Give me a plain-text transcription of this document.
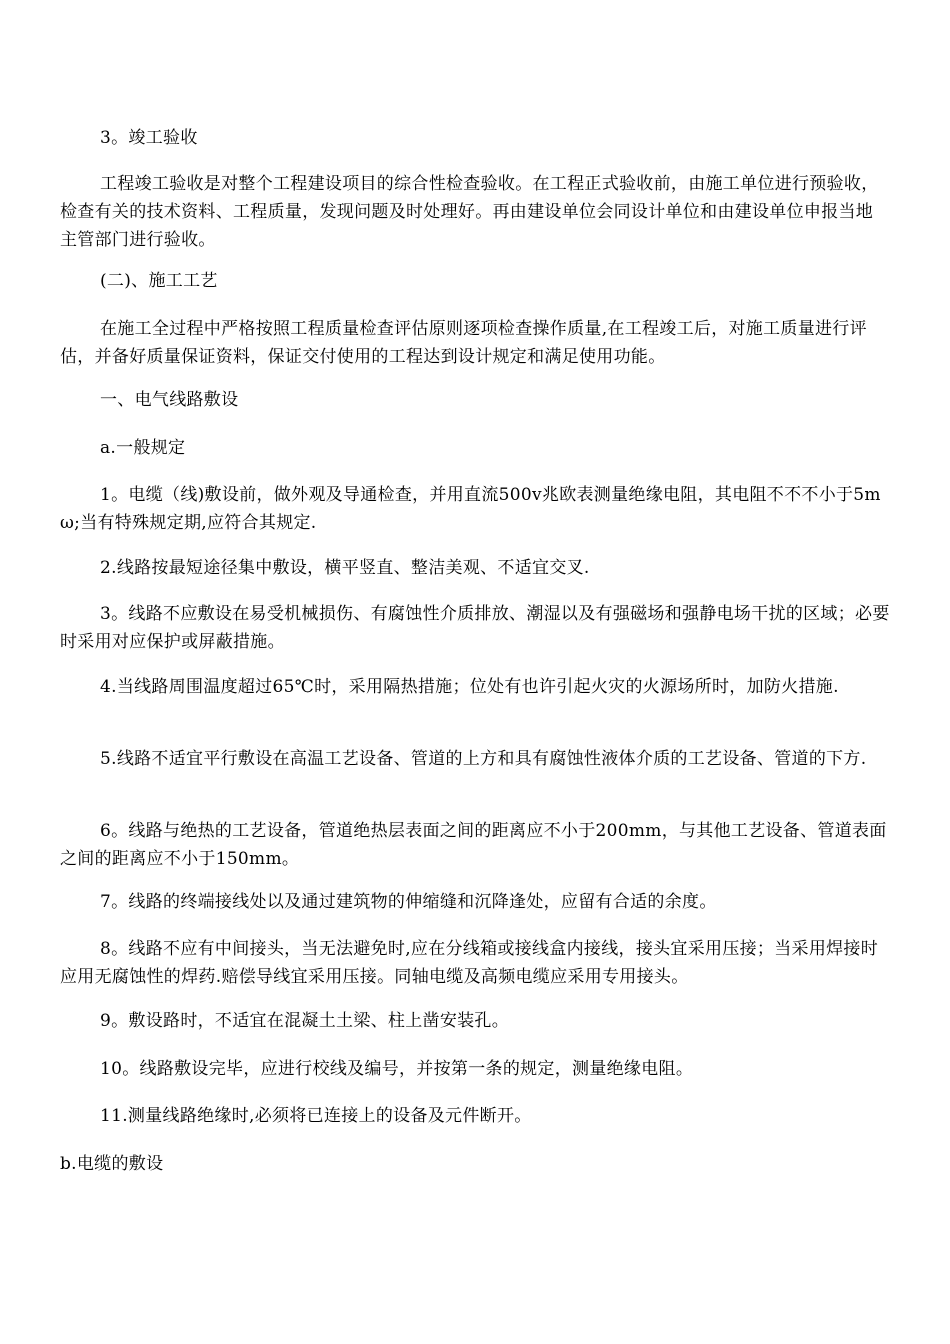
3。竣工验收

工程竣工验收是对整个工程建设项目的综合性检查验收。在工程正式验收前，由施工单位进行预验收，检查有关的技术资料、工程质量，发现问题及时处理好。再由建设单位会同设计单位和由建设单位申报当地主管部门进行验收。

(二)、施工工艺

在施工全过程中严格按照工程质量检查评估原则逐项检查操作质量,在工程竣工后，对施工质量进行评估，并备好质量保证资料，保证交付使用的工程达到设计规定和满足使用功能。

一、电气线路敷设

a.一般规定

1。电缆（线)敷设前，做外观及导通检查，并用直流500v兆欧表测量绝缘电阻，其电阻不不不小于5mω;当有特殊规定期,应符合其规定.

2.线路按最短途径集中敷设，横平竖直、整洁美观、不适宜交叉.

3。线路不应敷设在易受机械损伤、有腐蚀性介质排放、潮湿以及有强磁场和强静电场干扰的区域；必要时采用对应保护或屏蔽措施。

4.当线路周围温度超过65℃时，采用隔热措施；位处有也许引起火灾的火源场所时，加防火措施.

5.线路不适宜平行敷设在高温工艺设备、管道的上方和具有腐蚀性液体介质的工艺设备、管道的下方.

6。线路与绝热的工艺设备，管道绝热层表面之间的距离应不小于200mm，与其他工艺设备、管道表面之间的距离应不小于150mm。

7。线路的终端接线处以及通过建筑物的伸缩缝和沉降逢处，应留有合适的余度。

8。线路不应有中间接头，当无法避免时,应在分线箱或接线盒内接线，接头宜采用压接；当采用焊接时应用无腐蚀性的焊药.赔偿导线宜采用压接。同轴电缆及高频电缆应采用专用接头。

9。敷设路时，不适宜在混凝土土梁、柱上凿安装孔。

10。线路敷设完毕，应进行校线及编号，并按第一条的规定，测量绝缘电阻。

11.测量线路绝缘时,必须将已连接上的设备及元件断开。

b.电缆的敷设
